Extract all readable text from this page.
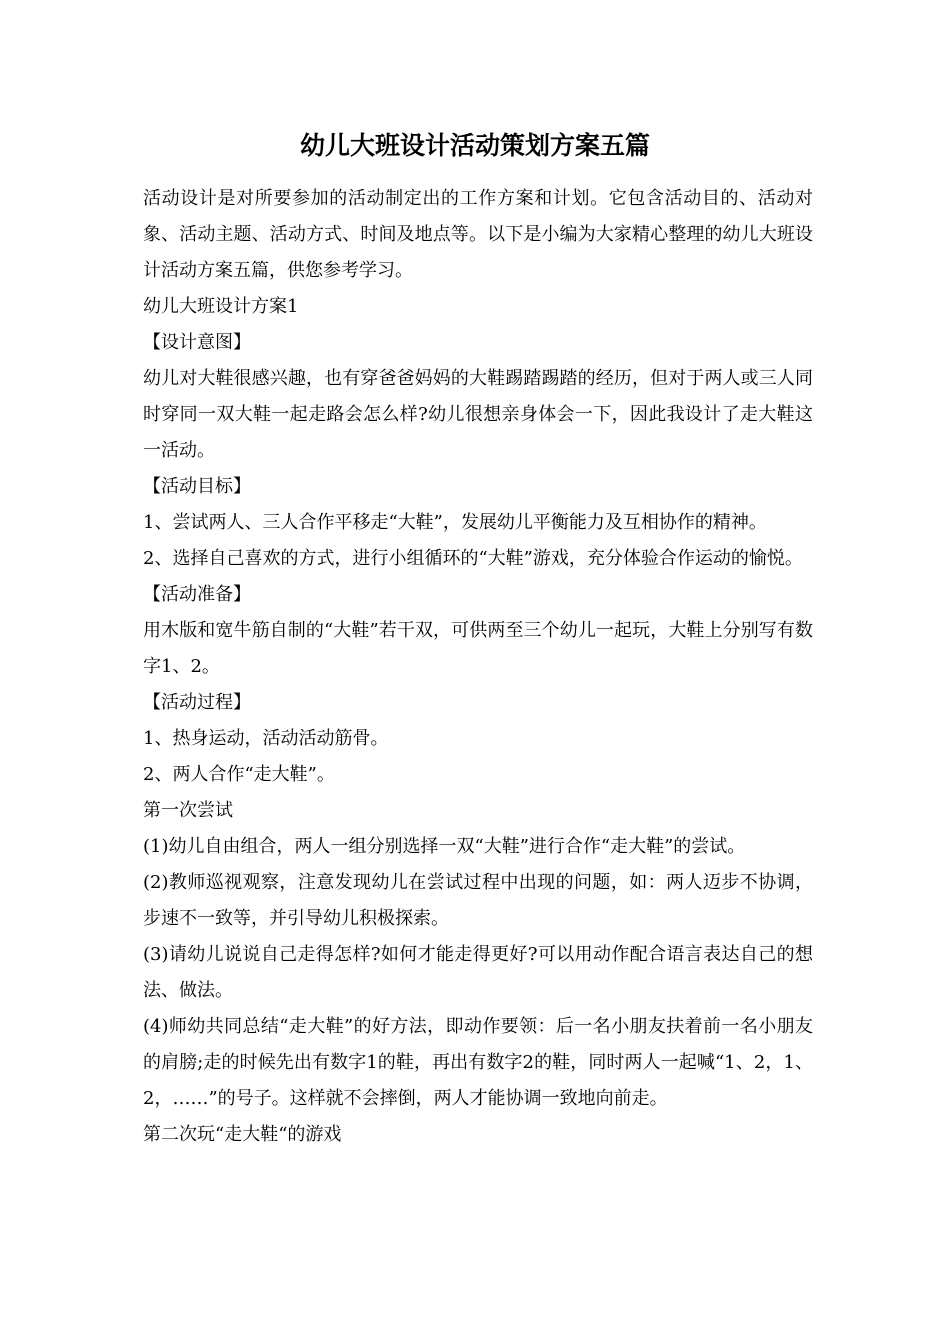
幼儿大班设计活动策划方案五篇

活动设计是对所要参加的活动制定出的工作方案和计划。它包含活动目的、活动对象、活动主题、活动方式、时间及地点等。以下是小编为大家精心整理的幼儿大班设计活动方案五篇，供您参考学习。

幼儿大班设计方案1

【设计意图】

幼儿对大鞋很感兴趣，也有穿爸爸妈妈的大鞋踢踏踢踏的经历，但对于两人或三人同时穿同一双大鞋一起走路会怎么样?幼儿很想亲身体会一下，因此我设计了走大鞋这一活动。

【活动目标】

1、尝试两人、三人合作平移走“大鞋”，发展幼儿平衡能力及互相协作的精神。

2、选择自己喜欢的方式，进行小组循环的“大鞋”游戏，充分体验合作运动的愉悦。

【活动准备】

用木版和宽牛筋自制的“大鞋”若干双，可供两至三个幼儿一起玩，大鞋上分别写有数字1、2。

【活动过程】

1、热身运动，活动活动筋骨。

2、两人合作“走大鞋”。

第一次尝试

(1)幼儿自由组合，两人一组分别选择一双“大鞋”进行合作“走大鞋”的尝试。

(2)教师巡视观察，注意发现幼儿在尝试过程中出现的问题，如：两人迈步不协调，步速不一致等，并引导幼儿积极探索。

(3)请幼儿说说自己走得怎样?如何才能走得更好?可以用动作配合语言表达自己的想法、做法。

(4)师幼共同总结“走大鞋”的好方法，即动作要领：后一名小朋友扶着前一名小朋友的肩膀;走的时候先出有数字1的鞋，再出有数字2的鞋，同时两人一起喊“1、2，1、2，……”的号子。这样就不会摔倒，两人才能协调一致地向前走。

第二次玩“走大鞋“的游戏
